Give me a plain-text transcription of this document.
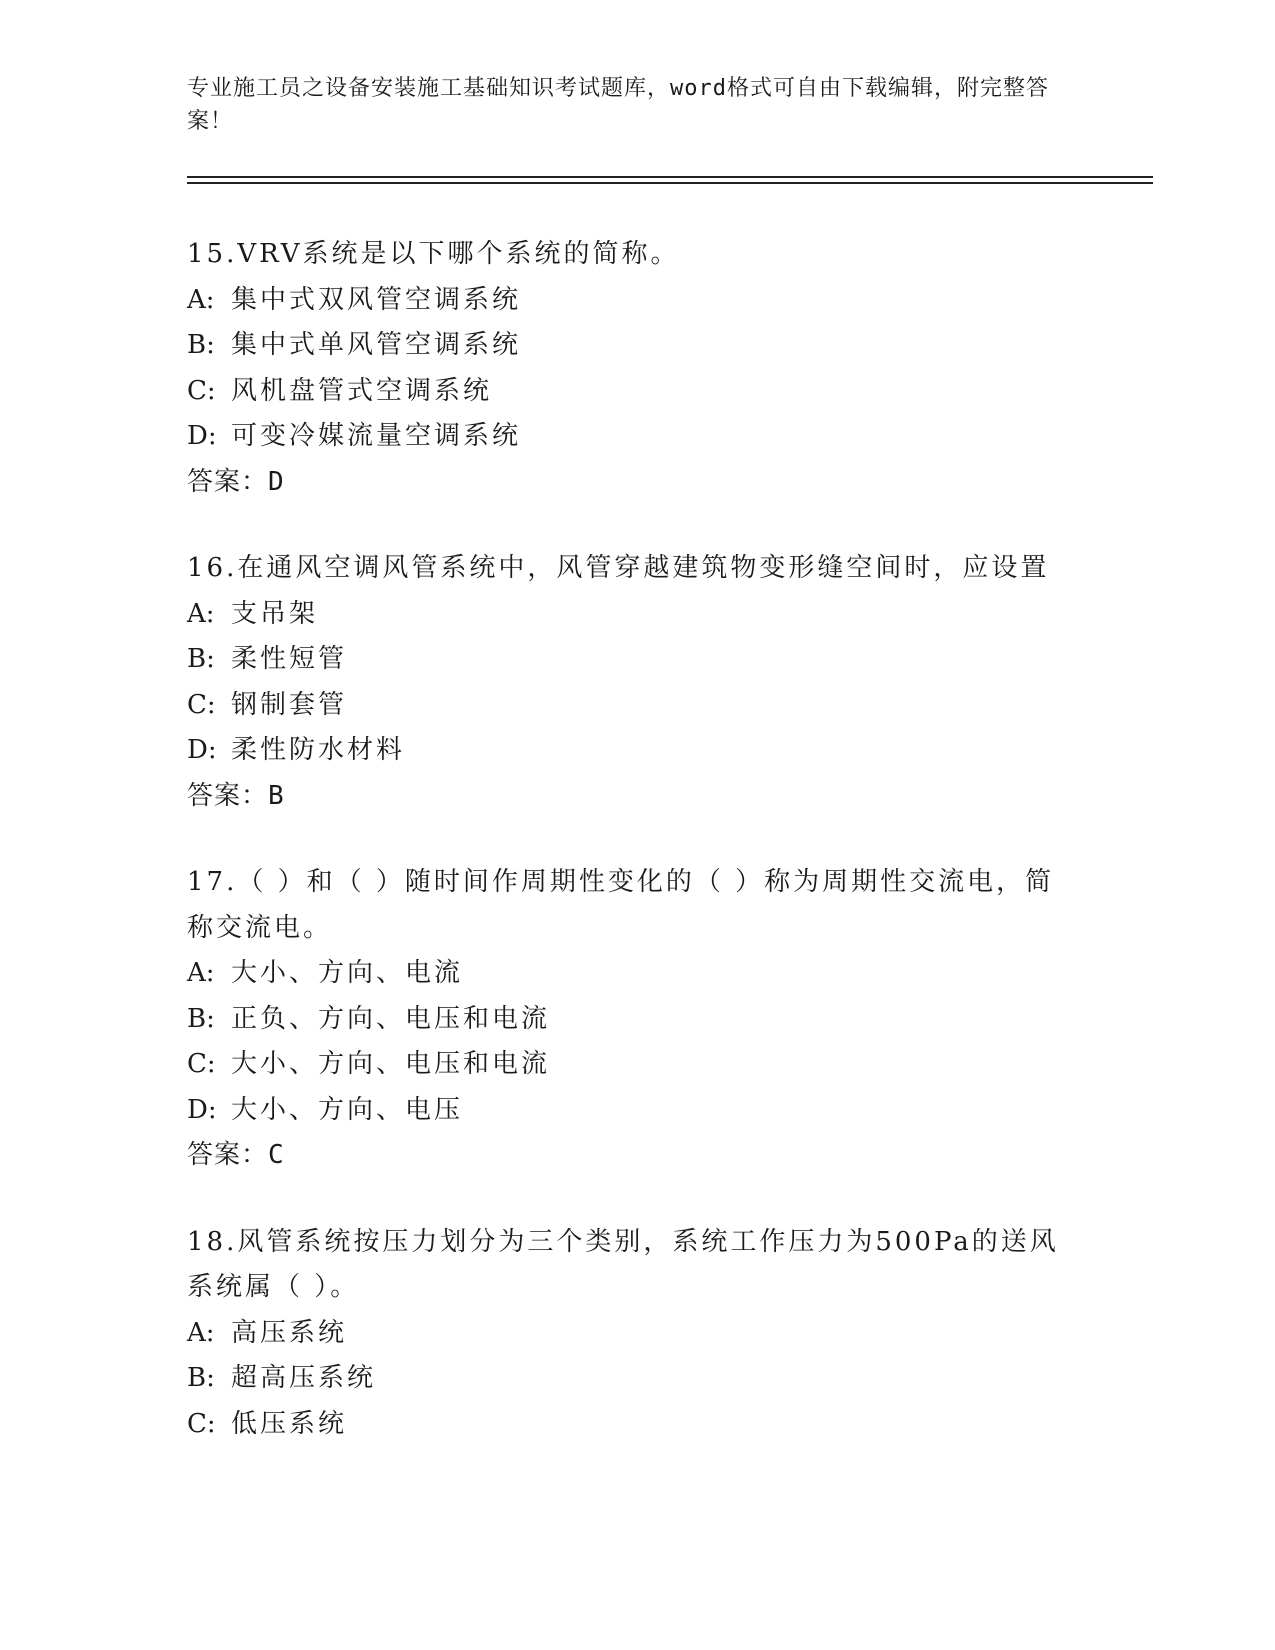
专业施工员之设备安装施工基础知识考试题库，word格式可自由下载编辑，附完整答案！
15.VRV系统是以下哪个系统的简称。
A: 集中式双风管空调系统
B: 集中式单风管空调系统
C: 风机盘管式空调系统
D: 可变冷媒流量空调系统
答案：D
16.在通风空调风管系统中，风管穿越建筑物变形缝空间时，应设置
A: 支吊架
B: 柔性短管
C: 钢制套管
D: 柔性防水材料
答案：B
17.（ ）和（ ）随时间作周期性变化的（ ）称为周期性交流电，简称交流电。
A: 大小、方向、电流
B: 正负、方向、电压和电流
C: 大小、方向、电压和电流
D: 大小、方向、电压
答案：C
18.风管系统按压力划分为三个类别，系统工作压力为500Pa的送风系统属（ ）。
A: 高压系统
B: 超高压系统
C: 低压系统
